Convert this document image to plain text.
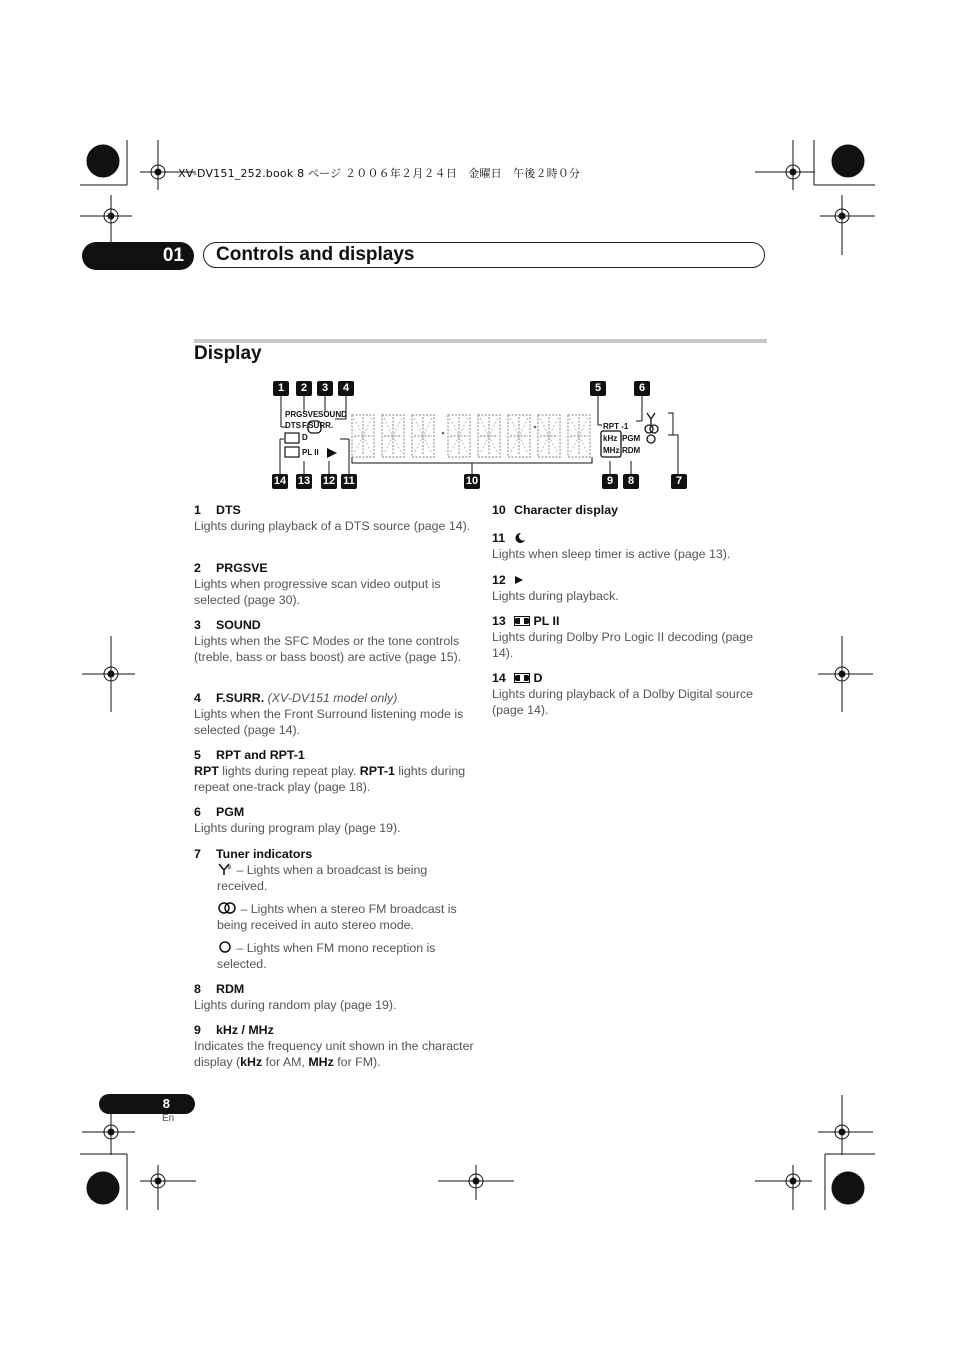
XV-DV151_252.book 8 ページ ２００６年２月２４日　金曜日　午後２時０分
01	Controls and displays
Display
1	2	3	4	5	6
14 13 12 11	10	9	8	7
PRGSVE SOUND
DTS F.SURR.
D
PL II
RPT -1
kHz
MHz
PGM
RDM
1 DTS
Lights during playback of a DTS source (page 14).
2 PRGSVE
Lights when progressive scan video output is selected (page 30).
3 SOUND
Lights when the SFC Modes or the tone controls (treble, bass or bass boost) are active (page 15).
4 F.SURR. (XV-DV151 model only)
Lights when the Front Surround listening mode is selected (page 14).
5 RPT and RPT-1
RPT lights during repeat play. RPT-1 lights during repeat one-track play (page 18).
6 PGM
Lights during program play (page 19).
7 Tuner indicators
ill – Lights when a broadcast is being received.
– Lights when a stereo FM broadcast is being received in auto stereo mode.
– Lights when FM mono reception is selected.
8 RDM
Lights during random play (page 19).
9 kHz / MHz
Indicates the frequency unit shown in the character display (kHz for AM, MHz for FM).
10 Character display
11
Lights when sleep timer is active (page 13).
12
Lights during playback.
13 PL II
Lights during Dolby Pro Logic II decoding (page 14).
14 D
Lights during playback of a Dolby Digital source (page 14).
8
En
